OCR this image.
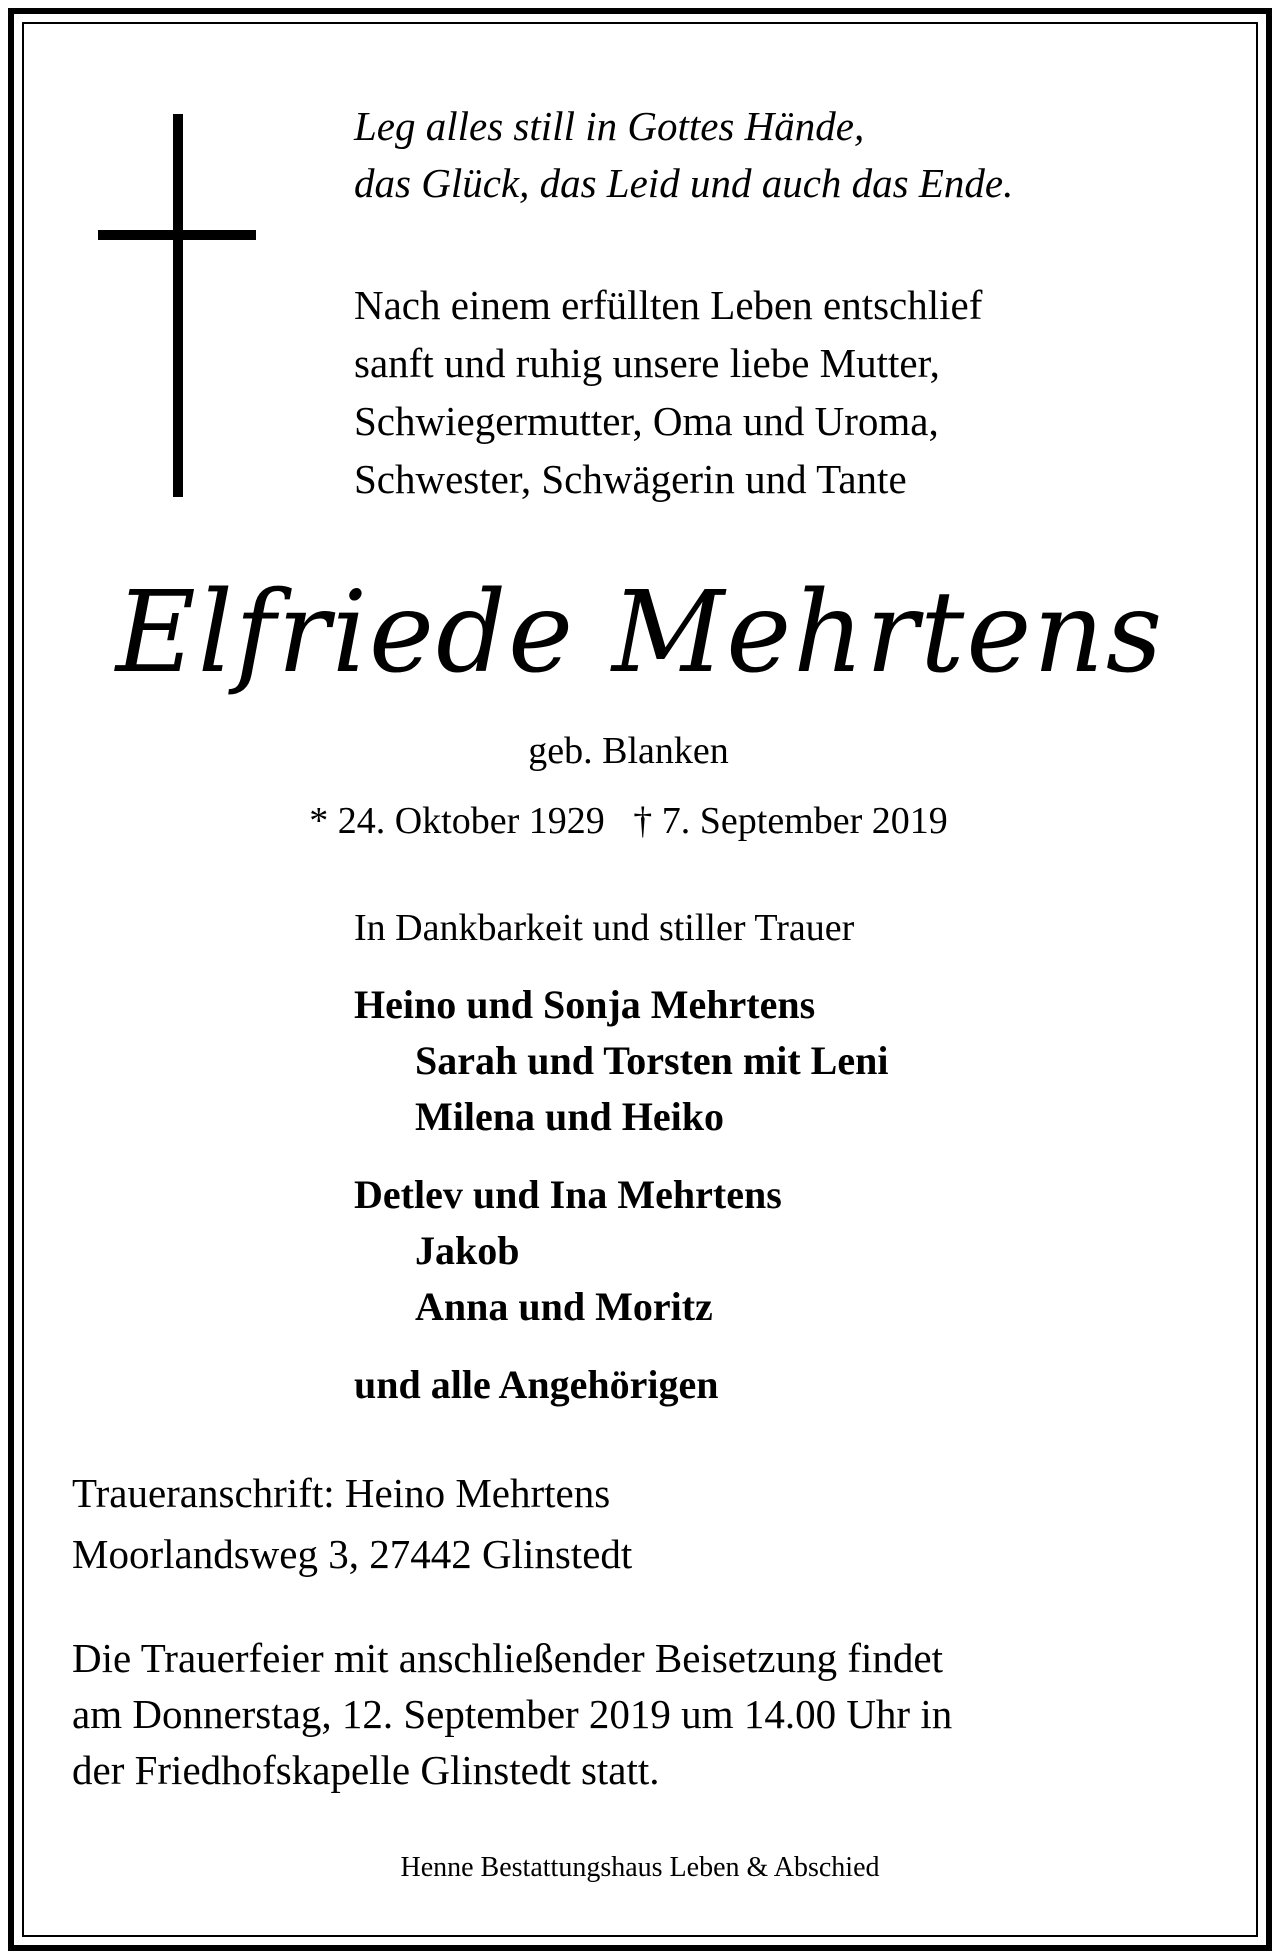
Leg alles still in Gottes Hände,
das Glück, das Leid und auch das Ende.
Nach einem erfüllten Leben entschlief
sanft und ruhig unsere liebe Mutter,
Schwiegermutter, Oma und Uroma,
Schwester, Schwägerin und Tante
Elfriede Mehrtens
geb. Blanken
* 24. Oktober 1929   † 7. September 2019
In Dankbarkeit und stiller Trauer
Heino und Sonja Mehrtens
Sarah und Torsten mit Leni
Milena und Heiko
Detlev und Ina Mehrtens
Jakob
Anna und Moritz
und alle Angehörigen
Traueranschrift: Heino Mehrtens
Moorlandsweg 3, 27442 Glinstedt
Die Trauerfeier mit anschließender Beisetzung findet
am Donnerstag, 12. September 2019 um 14.00 Uhr in
der Friedhofskapelle Glinstedt statt.
Henne Bestattungshaus Leben & Abschied
